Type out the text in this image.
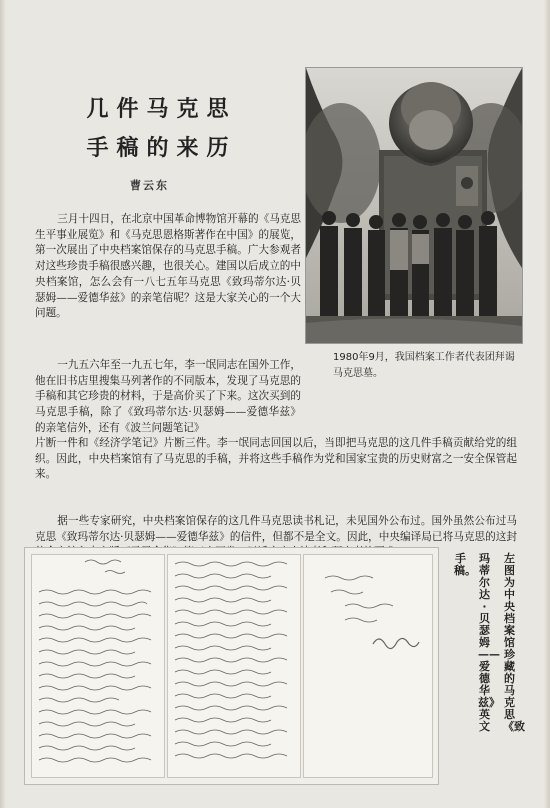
几件马克思
手稿的来历
曹云东
1980年9月，我国档案工作者代表团拜谒马克思墓。

三月十四日，在北京中国革命博物馆开幕的《马克思生平事业展览》和《马克思恩格斯著作在中国》的展览，第一次展出了中央档案馆保存的马克思手稿。广大参观者对这些珍贵手稿很感兴趣，也很关心。建国以后成立的中央档案馆，怎么会有一八七五年马克思《致玛蒂尔达·贝瑟姆——爱德华兹》的亲笔信呢？这是大家关心的一个大问题。

一九五六年至一九五七年，李一氓同志在国外工作，他在旧书店里搜集马列著作的不同版本，发现了马克思的手稿和其它珍贵的材料，于是高价买了下来。这次买到的马克思手稿，除了《致玛蒂尔达·贝瑟姆——爱德华兹》的亲笔信外，还有《波兰问题笔记》

片断一件和《经济学笔记》片断三件。李一氓同志回国以后，当即把马克思的这几件手稿贡献给党的组织。因此，中央档案馆有了马克思的手稿，并将这些手稿作为党和国家宝贵的历史财富之一安全保管起来。

据一些专家研究，中央档案馆保存的这几件马克思读书札记，未见国外公布过。国外虽然公布过马克思《致玛蒂尔达·贝瑟姆——爱德华兹》的信件，但都不是全文。因此，中央编译局已将马克思的这封

左图为中央档案馆珍藏的马克思《致
玛蒂尔达·贝瑟姆——爱德华兹》英文
手稿。
